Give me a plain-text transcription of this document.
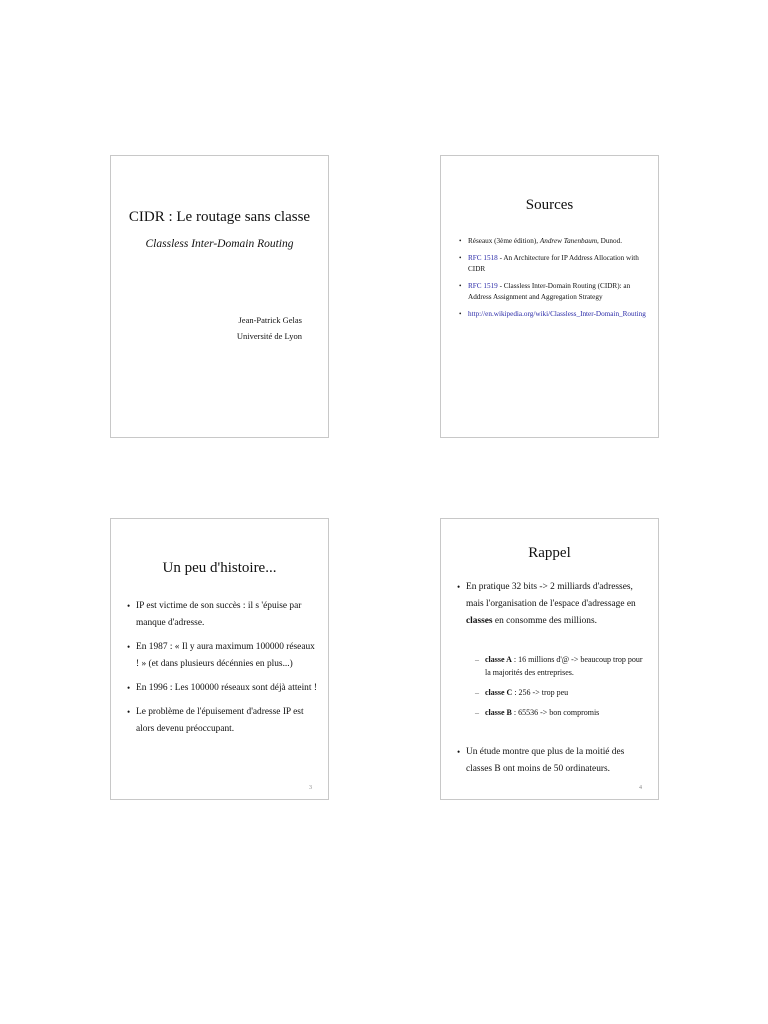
CIDR : Le routage sans classe
Classless Inter-Domain Routing
Jean-Patrick Gelas
Université de Lyon
Sources
• Réseaux (3ème édition), Andrew Tanenbaum, Dunod.
• RFC 1518 - An Architecture for IP Address Allocation with CIDR
• RFC 1519 - Classless Inter-Domain Routing (CIDR): an Address Assignment and Aggregation Strategy
• http://en.wikipedia.org/wiki/Classless_Inter-Domain_Routing
Un peu d'histoire...
• IP est victime de son succès : il s 'épuise par manque d'adresse.
• En 1987 : « Il y aura maximum 100000 réseaux ! » (et dans plusieurs décénnies en plus...)
• En 1996 : Les 100000 réseaux sont déjà atteint !
• Le problème de l'épuisement d'adresse IP est alors devenu préoccupant.
3
Rappel
• En pratique 32 bits -> 2 milliards d'adresses, mais l'organisation de l'espace d'adressage en classes en consomme des millions.
– classe A : 16 millions d'@ -> beaucoup trop pour la majorités des entreprises.
– classe C : 256 -> trop peu
– classe B : 65536 -> bon compromis
• Un étude montre que plus de la moitié des classes B ont moins de 50 ordinateurs.
4
